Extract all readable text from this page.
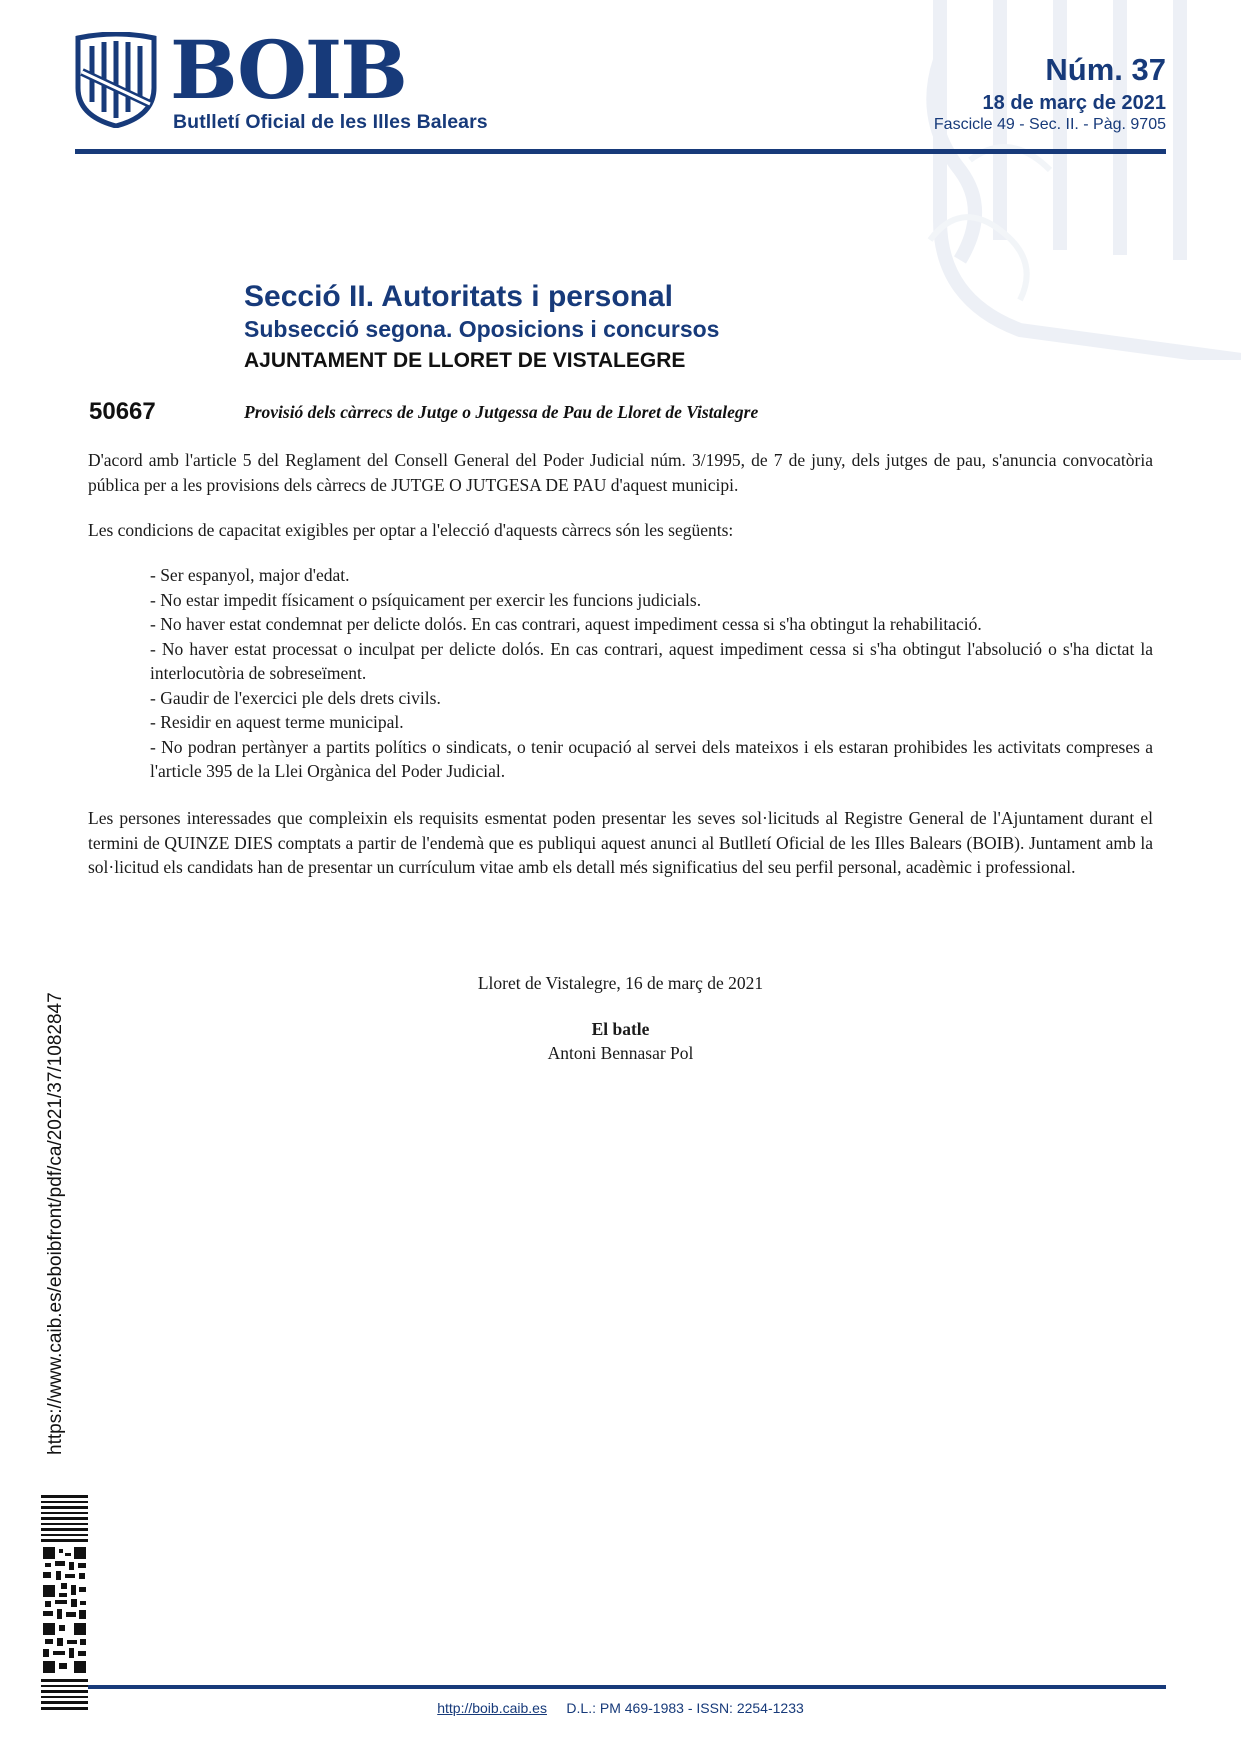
BOIB
Butlletí Oficial de les Illes Balears
Núm. 37
18 de març de 2021
Fascicle 49 - Sec. II. - Pàg. 9705
Secció II. Autoritats i personal
Subsecció segona. Oposicions i concursos
AJUNTAMENT DE LLORET DE VISTALEGRE
50667	Provisió dels càrrecs de Jutge o Jutgessa de Pau de Lloret de Vistalegre
D'acord amb l'article 5 del Reglament del Consell General del Poder Judicial núm. 3/1995, de 7 de juny, dels jutges de pau, s'anuncia convocatòria pública per a les provisions dels càrrecs de JUTGE O JUTGESA DE PAU d'aquest municipi.
Les condicions de capacitat exigibles per optar a l'elecció d'aquests càrrecs són les següents:
- Ser espanyol, major d'edat.
- No estar impedit físicament o psíquicament per exercir les funcions judicials.
- No haver estat condemnat per delicte dolós. En cas contrari, aquest impediment cessa si s'ha obtingut la rehabilitació.
- No haver estat processat o inculpat per delicte dolós. En cas contrari, aquest impediment cessa si s'ha obtingut l'absolució o s'ha dictat la interlocutòria de sobreseïment.
- Gaudir de l'exercici ple dels drets civils.
- Residir en aquest terme municipal.
- No podran pertànyer a partits polítics o sindicats, o tenir ocupació al servei dels mateixos i els estaran prohibides les activitats compreses a l'article 395 de la Llei Orgànica del Poder Judicial.
Les persones interessades que compleixin els requisits esmentat poden presentar les seves sol·licituds al Registre General de l'Ajuntament durant el termini de QUINZE DIES comptats a partir de l'endemà que es publiqui aquest anunci al Butlletí Oficial de les Illes Balears (BOIB). Juntament amb la sol·licitud els candidats han de presentar un currículum vitae amb els detall més significatius del seu perfil personal, acadèmic i professional.
Lloret de Vistalegre, 16 de març de 2021
El batle
Antoni Bennasar Pol
https://www.caib.es/eboibfront/pdf/ca/2021/37/1082847
http://boib.caib.es D.L.: PM 469-1983 - ISSN: 2254-1233
